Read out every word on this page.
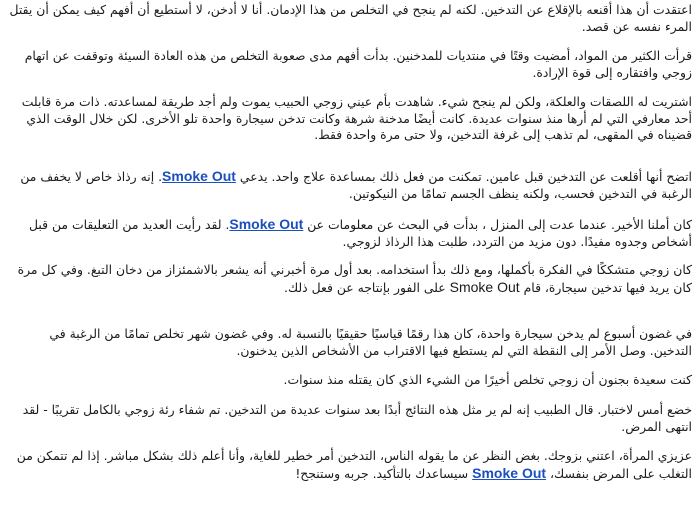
اعتقدت أن هذا أقنعه بالإقلاع عن التدخين. لكنه لم ينجح في التخلص من هذا الإدمان. أنا لا أدخن، لا أستطيع أن أفهم كيف يمكن أن يقتل المرء نفسه عن قصد.

قرأت الكثير من المواد، أمضيت وقتًا في منتديات للمدخنين. بدأت أفهم مدى صعوبة التخلص من هذه العادة السيئة وتوقفت عن اتهام زوجي وافتقاره إلى قوة الإرادة.

اشتريت له اللصقات والعلكة، ولكن لم ينجح شيء. شاهدت بأم عيني زوجي الحبيب يموت ولم أجد طريقة لمساعدته. ذات مرة قابلت أحد معارفي التي لم أرها منذ سنوات عديدة. كانت أيضًا مدخنة شرهة وكانت تدخن سيجارة واحدة تلو الأخرى. لكن خلال الوقت الذي قضيناه في المقهى، لم تذهب إلى غرفة التدخين، ولا حتى مرة واحدة فقط.

اتضح أنها أقلعت عن التدخين قبل عامين. تمكنت من فعل ذلك بمساعدة علاج واحد. يدعي Smoke Out. إنه رذاذ خاص لا يخفف من الرغبة في التدخين فحسب، ولكنه ينظف الجسم تمامًا من النيكوتين.

كان أملنا الأخير. عندما عدت إلى المنزل ، بدأت في البحث عن معلومات عن Smoke Out. لقد رأيت العديد من التعليقات من قبل أشخاص وجدوه مفيدًا. دون مزيد من التردد، طلبت هذا الرذاذ لزوجي.

كان زوجي متشككًا في الفكرة بأكملها، ومع ذلك بدأ استخدامه. بعد أول مرة أخبرني أنه يشعر بالاشمئزاز من دخان التبغ. وفي كل مرة كان يريد فيها تدخين سيجارة، قام Smoke Out على الفور بإنتاجه عن فعل ذلك.

في غضون أسبوع لم يدخن سيجارة واحدة، كان هذا رقمًا قياسيًا حقيقيًا بالنسبة له. وفي غضون شهر تخلص تمامًا من الرغبة في التدخين. وصل الأمر إلى النقطة التي لم يستطع فيها الاقتراب من الأشخاص الذين يدخنون.

كنت سعيدة بجنون أن زوجي تخلص أخيرًا من الشيء الذي كان يقتله منذ سنوات.

خضع أمس لاختبار. قال الطبيب إنه لم ير مثل هذه النتائج أبدًا بعد سنوات عديدة من التدخين. تم شفاء رئة زوجي بالكامل تقريبًا - لقد انتهى المرض.

عزيزي المرأة، اعتني بزوجك. بغض النظر عن ما يقوله الناس، التدخين أمر خطير للغاية، وأنا أعلم ذلك بشكل مباشر. إذا لم تتمكن من التغلب على المرض بنفسك، Smoke Out سيساعدك بالتأكيد. جربه وستنجح!
